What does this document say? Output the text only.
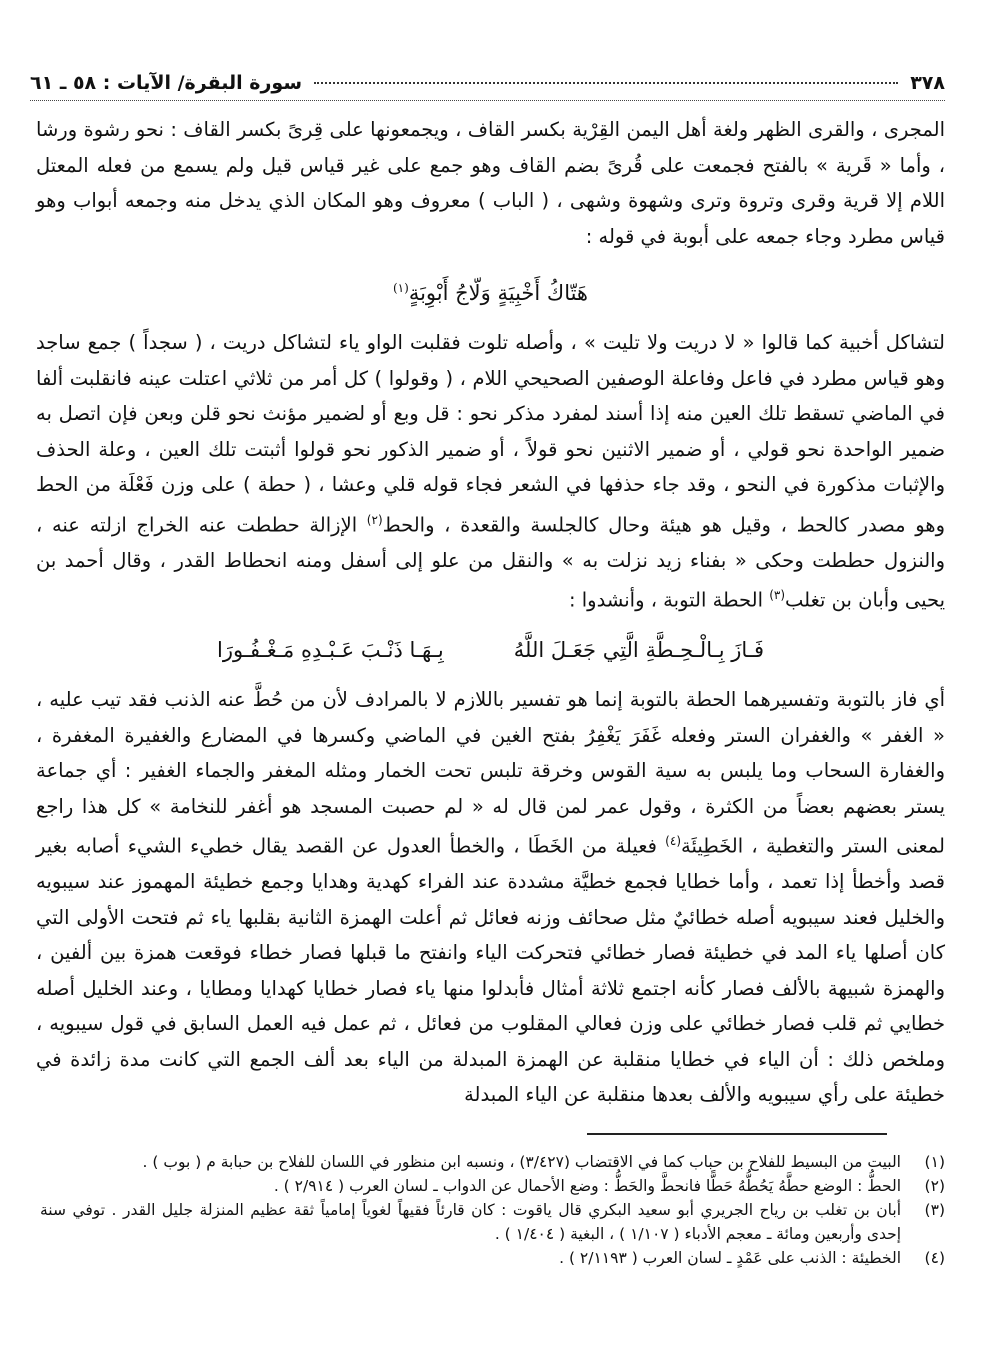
٣٧٨
سورة البقرة/ الآيات : ٥٨ ـ ٦١

المجرى ، والقرى الظهر ولغة أهل اليمن القِرْية بكسر القاف ، ويجمعونها على قِرىً بكسر القاف : نحو رشوة ورشا ، وأما « قَرية » بالفتح فجمعت على قُرىً بضم القاف وهو جمع على غير قياس قيل ولم يسمع من فعله المعتل اللام إلا قرية وقرى وتروة وترى وشهوة وشهى ، ( الباب ) معروف وهو المكان الذي يدخل منه وجمعه أبواب وهو قياس مطرد وجاء جمعه على أبوبة في قوله :

هَتّاكُ أَخْبِيَةٍ وَلّاجُ أَبْوِبَةٍ$^{(١)}$

لتشاكل أخبية كما قالوا « لا دريت ولا تليت » ، وأصله تلوت فقلبت الواو ياء لتشاكل دريت ، ( سجداً ) جمع ساجد وهو قياس مطرد في فاعل وفاعلة الوصفين الصحيحي اللام ، ( وقولوا ) كل أمر من ثلاثي اعتلت عينه فانقلبت ألفا في الماضي تسقط تلك العين منه إذا أسند لمفرد مذكر نحو : قل وبع أو لضمير مؤنث نحو قلن وبعن فإن اتصل به ضمير الواحدة نحو قولي ، أو ضمير الاثنين نحو قولاً ، أو ضمير الذكور نحو قولوا أثبتت تلك العين ، وعلة الحذف والإثبات مذكورة في النحو ، وقد جاء حذفها في الشعر فجاء قوله قلي وعشا ، ( حطة ) على وزن فَعْلَة من الحط وهو مصدر كالحط ، وقيل هو هيئة وحال كالجلسة والقعدة ، والحط$^{(٢)}$ الإزالة حططت عنه الخراج ازلته عنه ، والنزول حططت وحكى « بفناء زيد نزلت به » والنقل من علو إلى أسفل ومنه انحطاط القدر ، وقال أحمد بن يحيى وأبان بن تغلب$^{(٣)}$ الحطة التوبة ، وأنشدوا :

فَـازَ بِـالْـحِـطَّةِ الَّتِي جَعَـلَ اللَّهُ
بِـهَـا ذَنْـبَ عَـبْـدِهِ مَـغْـفُـورَا

أي فاز بالتوبة وتفسيرهما الحطة بالتوبة إنما هو تفسير باللازم لا بالمرادف لأن من حُطَّ عنه الذنب فقد تيب عليه ، « الغفر » والغفران الستر وفعله غَفَرَ يَغْفِرُ بفتح الغين في الماضي وكسرها في المضارع والغفيرة المغفرة ، والغفارة السحاب وما يلبس به سية القوس وخرقة تلبس تحت الخمار ومثله المغفر والجماء الغفير : أي جماعة يستر بعضهم بعضاً من الكثرة ، وقول عمر لمن قال له « لم حصبت المسجد هو أغفر للنخامة » كل هذا راجع لمعنى الستر والتغطية ، الخَطِيئَة$^{(٤)}$ فعيلة من الخَطَا ، والخطأ العدول عن القصد يقال خطيء الشيء أصابه بغير قصد وأخطأ إذا تعمد ، وأما خطايا فجمع خطيَّة مشددة عند الفراء كهدية وهدايا وجمع خطيئة المهموز عند سيبويه والخليل فعند سيبويه أصله خطائيٌ مثل صحائف وزنه فعائل ثم أعلت الهمزة الثانية بقلبها ياء ثم فتحت الأولى التي كان أصلها ياء المد في خطيئة فصار خطائي فتحركت الياء وانفتح ما قبلها فصار خطاء فوقعت همزة بين ألفين ، والهمزة شبيهة بالألف فصار كأنه اجتمع ثلاثة أمثال فأبدلوا منها ياء فصار خطايا كهدايا ومطايا ، وعند الخليل أصله خطايي ثم قلب فصار خطائي على وزن فعالي المقلوب من فعائل ، ثم عمل فيه العمل السابق في قول سيبويه ، وملخص ذلك : أن الياء في خطايا منقلبة عن الهمزة المبدلة من الياء بعد ألف الجمع التي كانت مدة زائدة في خطيئة على رأي سيبويه والألف بعدها منقلبة عن الياء المبدلة

(١)
البيت من البسيط للفلاح بن حباب كما في الاقتضاب (٣/٤٢٧) ، ونسبه ابن منظور في اللسان للفلاح بن حبابة م ( بوب ) .
(٢)
الحطُّ : الوضع حطَّهُ يَحُطُّهُ حَطًّا فانحطَّ والحَطُّ : وضع الأحمال عن الدواب ـ لسان العرب ( ٢/٩١٤ ) .
(٣)
أبان بن تغلب بن رياح الجريري أبو سعيد البكري قال ياقوت : كان قارئاً فقيهاً لغوياً إمامياً ثقة عظيم المنزلة جليل القدر . توفي سنة إحدى وأربعين ومائة ـ معجم الأدباء ( ١/١٠٧ ) ، البغية ( ١/٤٠٤ ) .
(٤)
الخطيئة : الذنب على عَمْدٍ ـ لسان العرب ( ٢/١١٩٣ ) .
